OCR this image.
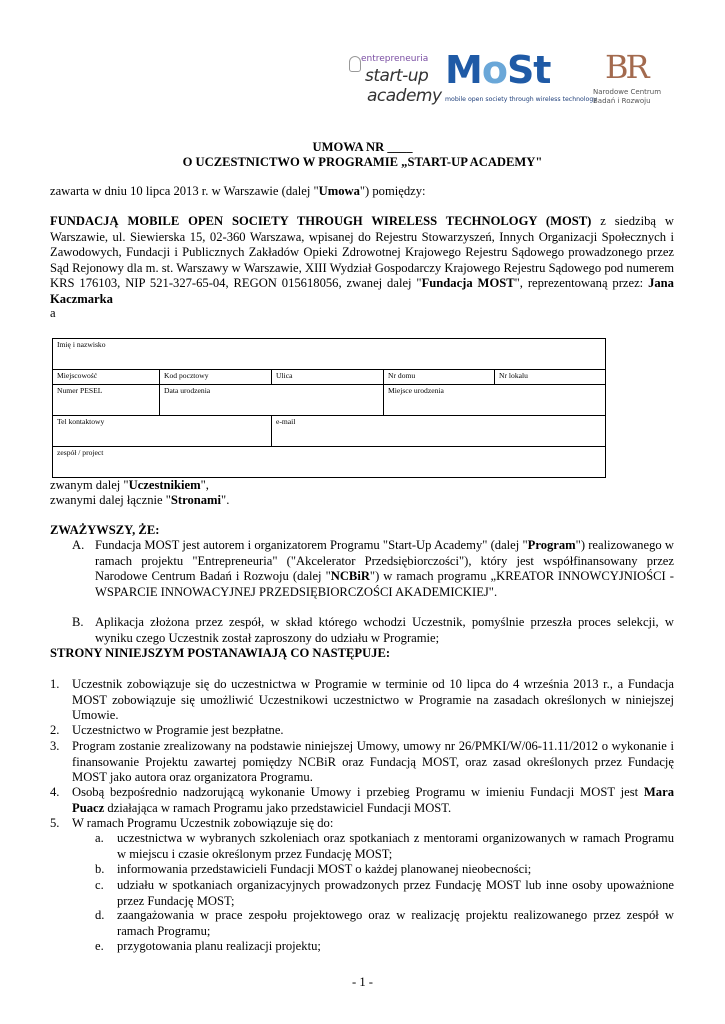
entrepreneuria
start-up
academy
MoSt
mobile open society through wireless technology
BR
Narodowe Centrum
Badań i Rozwoju
UMOWA NR ____
O UCZESTNICTWO W PROGRAMIE „START-UP ACADEMY"
zawarta w dniu 10 lipca 2013 r. w Warszawie (dalej "Umowa") pomiędzy:
FUNDACJĄ MOBILE OPEN SOCIETY THROUGH WIRELESS TECHNOLOGY (MOST) z siedzibą w Warszawie, ul. Siewierska 15, 02-360 Warszawa, wpisanej do Rejestru Stowarzyszeń, Innych Organizacji Społecznych i Zawodowych, Fundacji i Publicznych Zakładów Opieki Zdrowotnej Krajowego Rejestru Sądowego prowadzonego przez Sąd Rejonowy dla m. st. Warszawy w Warszawie, XIII Wydział Gospodarczy Krajowego Rejestru Sądowego pod numerem KRS 176103, NIP 521-327-65-04, REGON 015618056, zwanej dalej "Fundacja MOST", reprezentowaną przez: Jana Kaczmarka
a
Imię i nazwisko
Miejscowość	Kod pocztowy	Ulica	Nr domu	Nr lokalu
Numer PESEL	Data urodzenia	Miejsce urodzenia
Tel kontaktowy	e-mail
zespół / project
zwanym dalej "Uczestnikiem",
zwanymi dalej łącznie "Stronami".
ZWAŻYWSZY, ŻE:
A. Fundacja MOST jest autorem i organizatorem Programu "Start-Up Academy" (dalej "Program") realizowanego w ramach projektu "Entrepreneuria" ("Akcelerator Przedsiębiorczości"), który jest współfinansowany przez Narodowe Centrum Badań i Rozwoju (dalej "NCBiR") w ramach programu „KREATOR INNOWCYJNIOŚCI - WSPARCIE INNOWACYJNEJ PRZEDSIĘBIORCZOŚCI AKADEMICKIEJ".
B. Aplikacja złożona przez zespół, w skład którego wchodzi Uczestnik, pomyślnie przeszła proces selekcji, w wyniku czego Uczestnik został zaproszony do udziału w Programie;
STRONY NINIEJSZYM POSTANAWIAJĄ CO NASTĘPUJE:
1. Uczestnik zobowiązuje się do uczestnictwa w Programie w terminie od 10 lipca do 4 września 2013 r., a Fundacja MOST zobowiązuje się umożliwić Uczestnikowi uczestnictwo w Programie na zasadach określonych w niniejszej Umowie.
2. Uczestnictwo w Programie jest bezpłatne.
3. Program zostanie zrealizowany na podstawie niniejszej Umowy, umowy nr 26/PMKI/W/06-11.11/2012 o wykonanie i finansowanie Projektu zawartej pomiędzy NCBiR oraz Fundacją MOST, oraz zasad określonych przez Fundację MOST jako autora oraz organizatora Programu.
4. Osobą bezpośrednio nadzorującą wykonanie Umowy i przebieg Programu w imieniu Fundacji MOST jest Mara Puacz działająca w ramach Programu jako przedstawiciel Fundacji MOST.
5. W ramach Programu Uczestnik zobowiązuje się do:
a. uczestnictwa w wybranych szkoleniach oraz spotkaniach z mentorami organizowanych w ramach Programu w miejscu i czasie określonym przez Fundację MOST;
b. informowania przedstawicieli Fundacji MOST o każdej planowanej nieobecności;
c. udziału w spotkaniach organizacyjnych prowadzonych przez Fundację MOST lub inne osoby upoważnione przez Fundację MOST;
d. zaangażowania w prace zespołu projektowego oraz w realizację projektu realizowanego przez zespół w ramach Programu;
e. przygotowania planu realizacji projektu;
- 1 -
